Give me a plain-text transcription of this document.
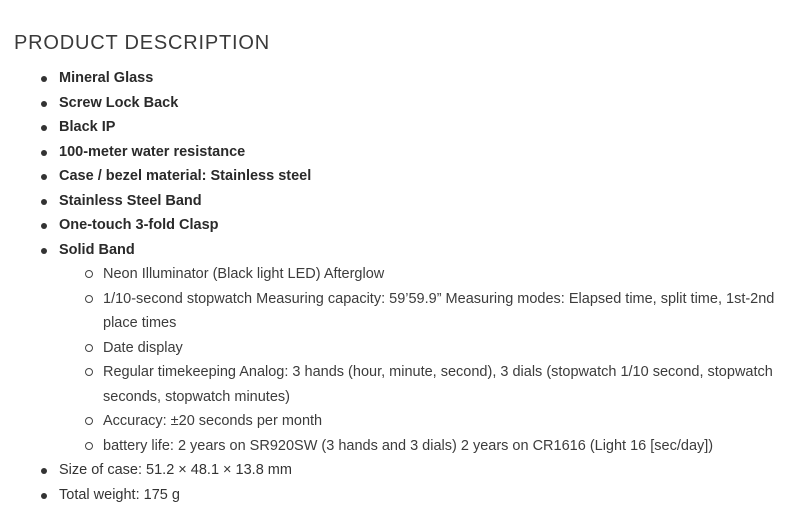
PRODUCT DESCRIPTION
Mineral Glass
Screw Lock Back
Black IP
100-meter water resistance
Case / bezel material: Stainless steel
Stainless Steel Band
One-touch 3-fold Clasp
Solid Band
Neon Illuminator (Black light LED) Afterglow
1/10-second stopwatch Measuring capacity: 59’59.9” Measuring modes: Elapsed time, split time, 1st-2nd place times
Date display
Regular timekeeping Analog: 3 hands (hour, minute, second), 3 dials (stopwatch 1/10 second, stopwatch seconds, stopwatch minutes)
Accuracy: ±20 seconds per month
battery life: 2 years on SR920SW (3 hands and 3 dials) 2 years on CR1616 (Light 16 [sec/day])
Size of case: 51.2 × 48.1 × 13.8 mm
Total weight: 175 g
